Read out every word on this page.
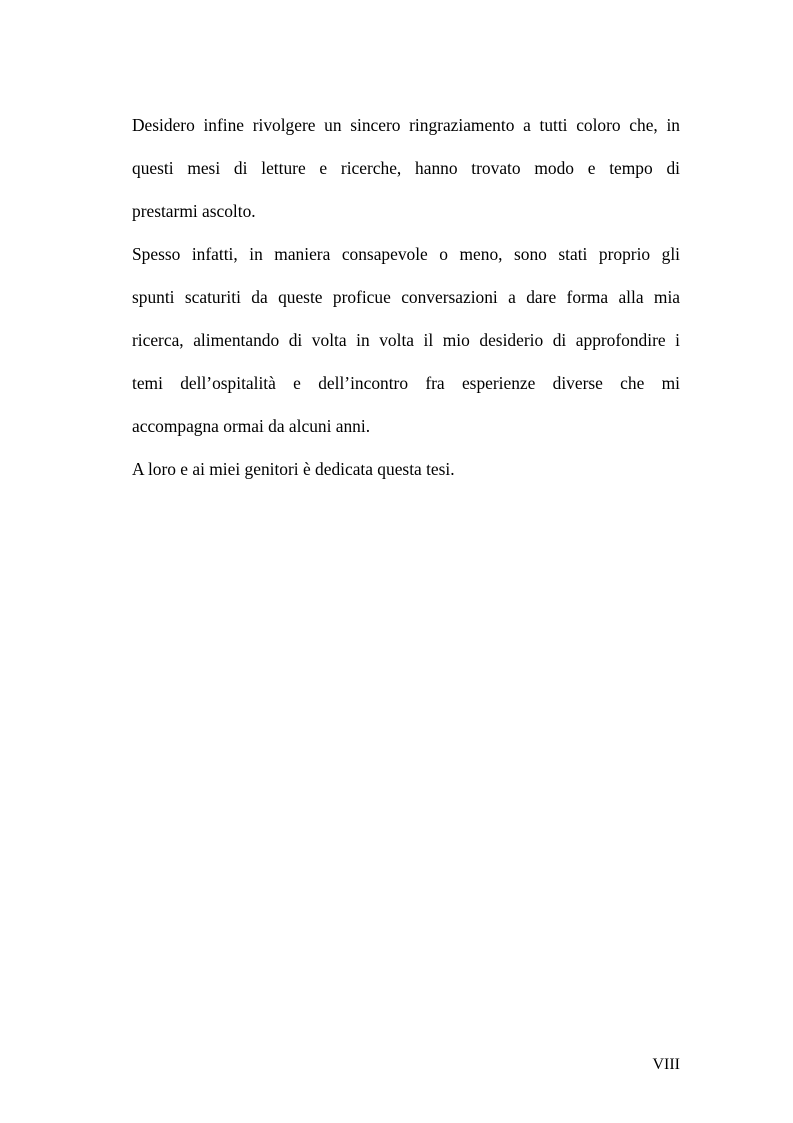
Desidero infine rivolgere un sincero ringraziamento a tutti coloro che, in
questi mesi di letture e ricerche, hanno trovato modo e tempo di
prestarmi ascolto.

Spesso infatti, in maniera consapevole o meno, sono stati proprio gli
spunti scaturiti da queste proficue conversazioni a dare forma alla mia
ricerca, alimentando di volta in volta il mio desiderio di approfondire i
temi dell’ospitalità e dell’incontro fra esperienze diverse che mi
accompagna ormai da alcuni anni.

A loro e ai miei genitori è dedicata questa tesi.

VIII
